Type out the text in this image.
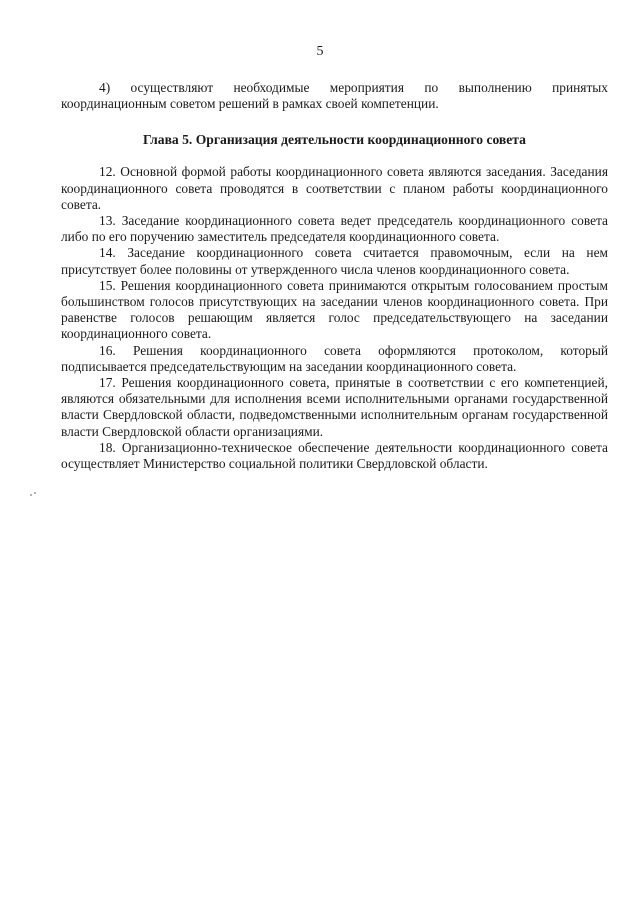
5

4) осуществляют необходимые мероприятия по выполнению принятых координационным советом решений в рамках своей компетенции.

Глава 5. Организация деятельности координационного совета

12. Основной формой работы координационного совета являются заседания. Заседания координационного совета проводятся в соответствии с планом работы координационного совета.

13. Заседание координационного совета ведет председатель координационного совета либо по его поручению заместитель председателя координационного совета.

14. Заседание координационного совета считается правомочным, если на нем присутствует более половины от утвержденного числа членов координационного совета.

15. Решения координационного совета принимаются открытым голосованием простым большинством голосов присутствующих на заседании членов координационного совета. При равенстве голосов решающим является голос председательствующего на заседании координационного совета.

16. Решения координационного совета оформляются протоколом, который подписывается председательствующим на заседании координационного совета.

17. Решения координационного совета, принятые в соответствии с его компетенцией, являются обязательными для исполнения всеми исполнительными органами государственной власти Свердловской области, подведомственными исполнительным органам государственной власти Свердловской области организациями.

18. Организационно-техническое обеспечение деятельности координационного совета осуществляет Министерство социальной политики Свердловской области.
